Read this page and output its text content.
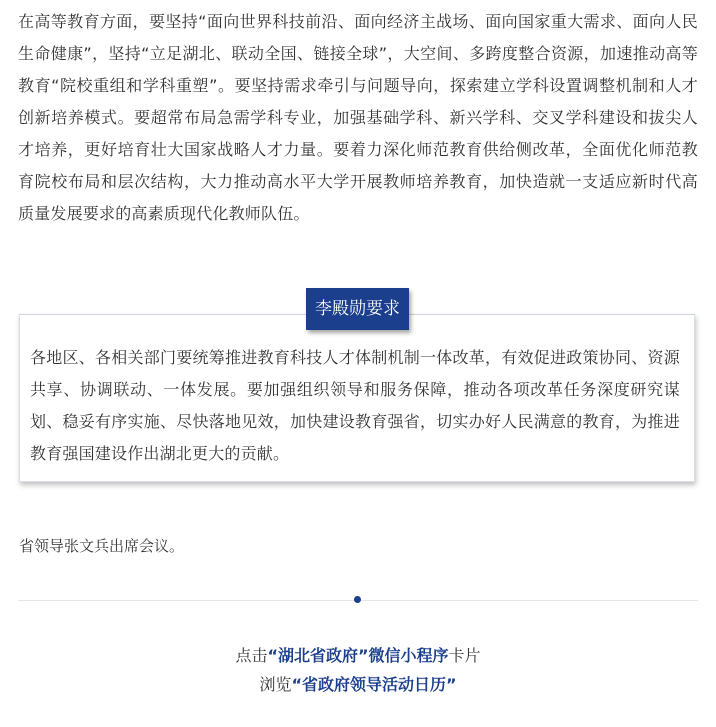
在高等教育方面，要坚持“面向世界科技前沿、面向经济主战场、面向国家重大需求、面向人民生命健康”，坚持“立足湖北、联动全国、链接全球”，大空间、多跨度整合资源，加速推动高等教育“院校重组和学科重塑”。要坚持需求牵引与问题导向，探索建立学科设置调整机制和人才创新培养模式。要超常布局急需学科专业，加强基础学科、新兴学科、交叉学科建设和拔尖人才培养，更好培育壮大国家战略人才力量。要着力深化师范教育供给侧改革，全面优化师范教育院校布局和层次结构，大力推动高水平大学开展教师培养教育，加快造就一支适应新时代高质量发展要求的高素质现代化教师队伍。

各地区、各相关部门要统筹推进教育科技人才体制机制一体改革，有效促进政策协同、资源共享、协调联动、一体发展。要加强组织领导和服务保障，推动各项改革任务深度研究谋划、稳妥有序实施、尽快落地见效，加快建设教育强省，切实办好人民满意的教育，为推进教育强国建设作出湖北更大的贡献。

李殿勋要求

省领导张文兵出席会议。

点击“湖北省政府”微信小程序卡片
浏览“省政府领导活动日历”
